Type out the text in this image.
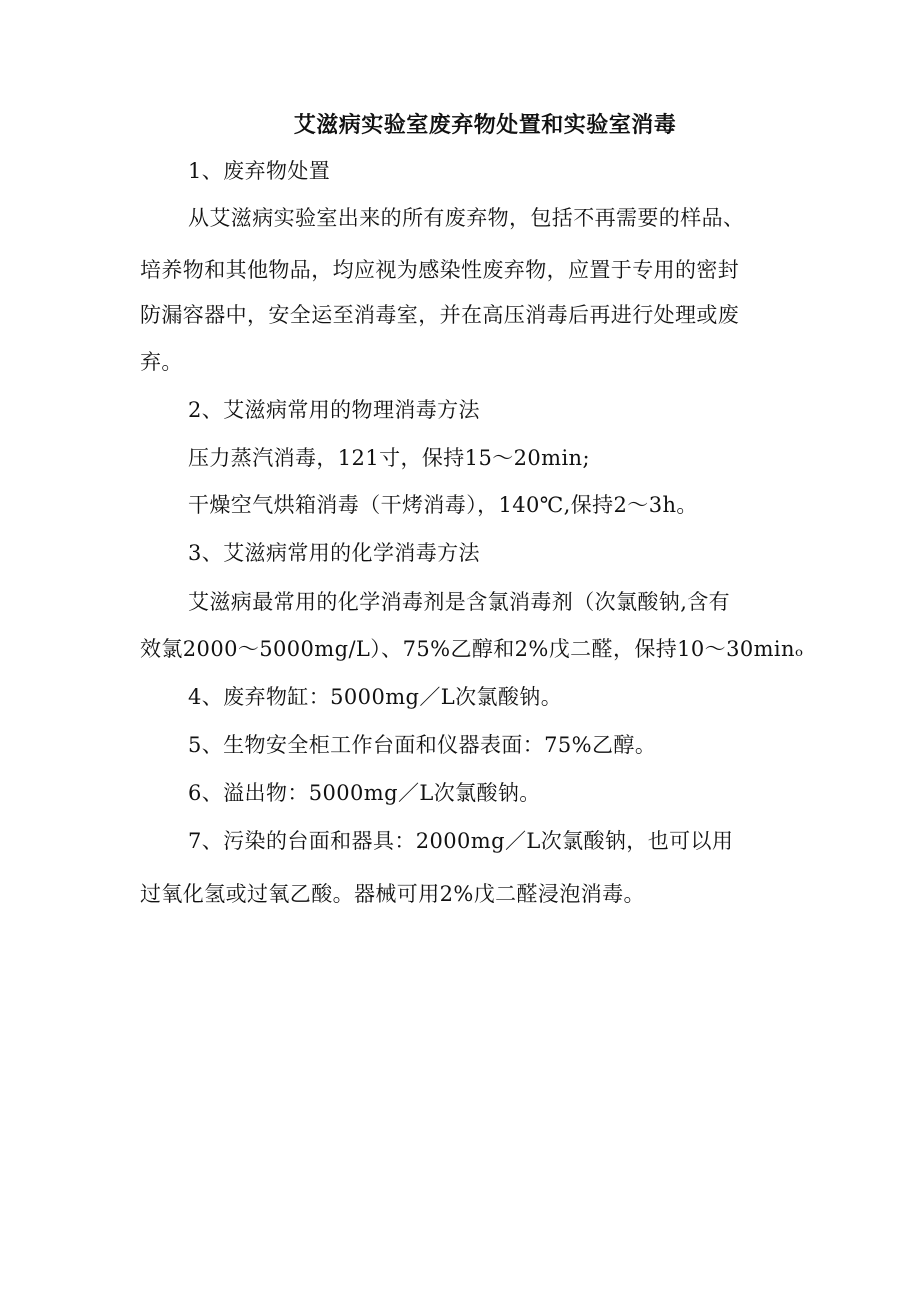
艾滋病实验室废弃物处置和实验室消毒
1、废弃物处置
从艾滋病实验室出来的所有废弃物，包括不再需要的样品、
培养物和其他物品，均应视为感染性废弃物，应置于专用的密封
防漏容器中，安全运至消毒室，并在高压消毒后再进行处理或废
弃。
2、艾滋病常用的物理消毒方法
压力蒸汽消毒，121寸，保持15～20min;
干燥空气烘箱消毒（干烤消毒），140℃,保持2～3h。
3、艾滋病常用的化学消毒方法
艾滋病最常用的化学消毒剂是含氯消毒剂（次氯酸钠,含有
效氯2000～5000mg/L）、75%乙醇和2%戊二醛，保持10～30minₒ
4、废弃物缸：5000mg／L次氯酸钠。
5、生物安全柜工作台面和仪器表面：75%乙醇。
6、溢出物：5000mg／L次氯酸钠。
7、污染的台面和器具：2000mg／L次氯酸钠，也可以用
过氧化氢或过氧乙酸。器械可用2%戊二醛浸泡消毒。
